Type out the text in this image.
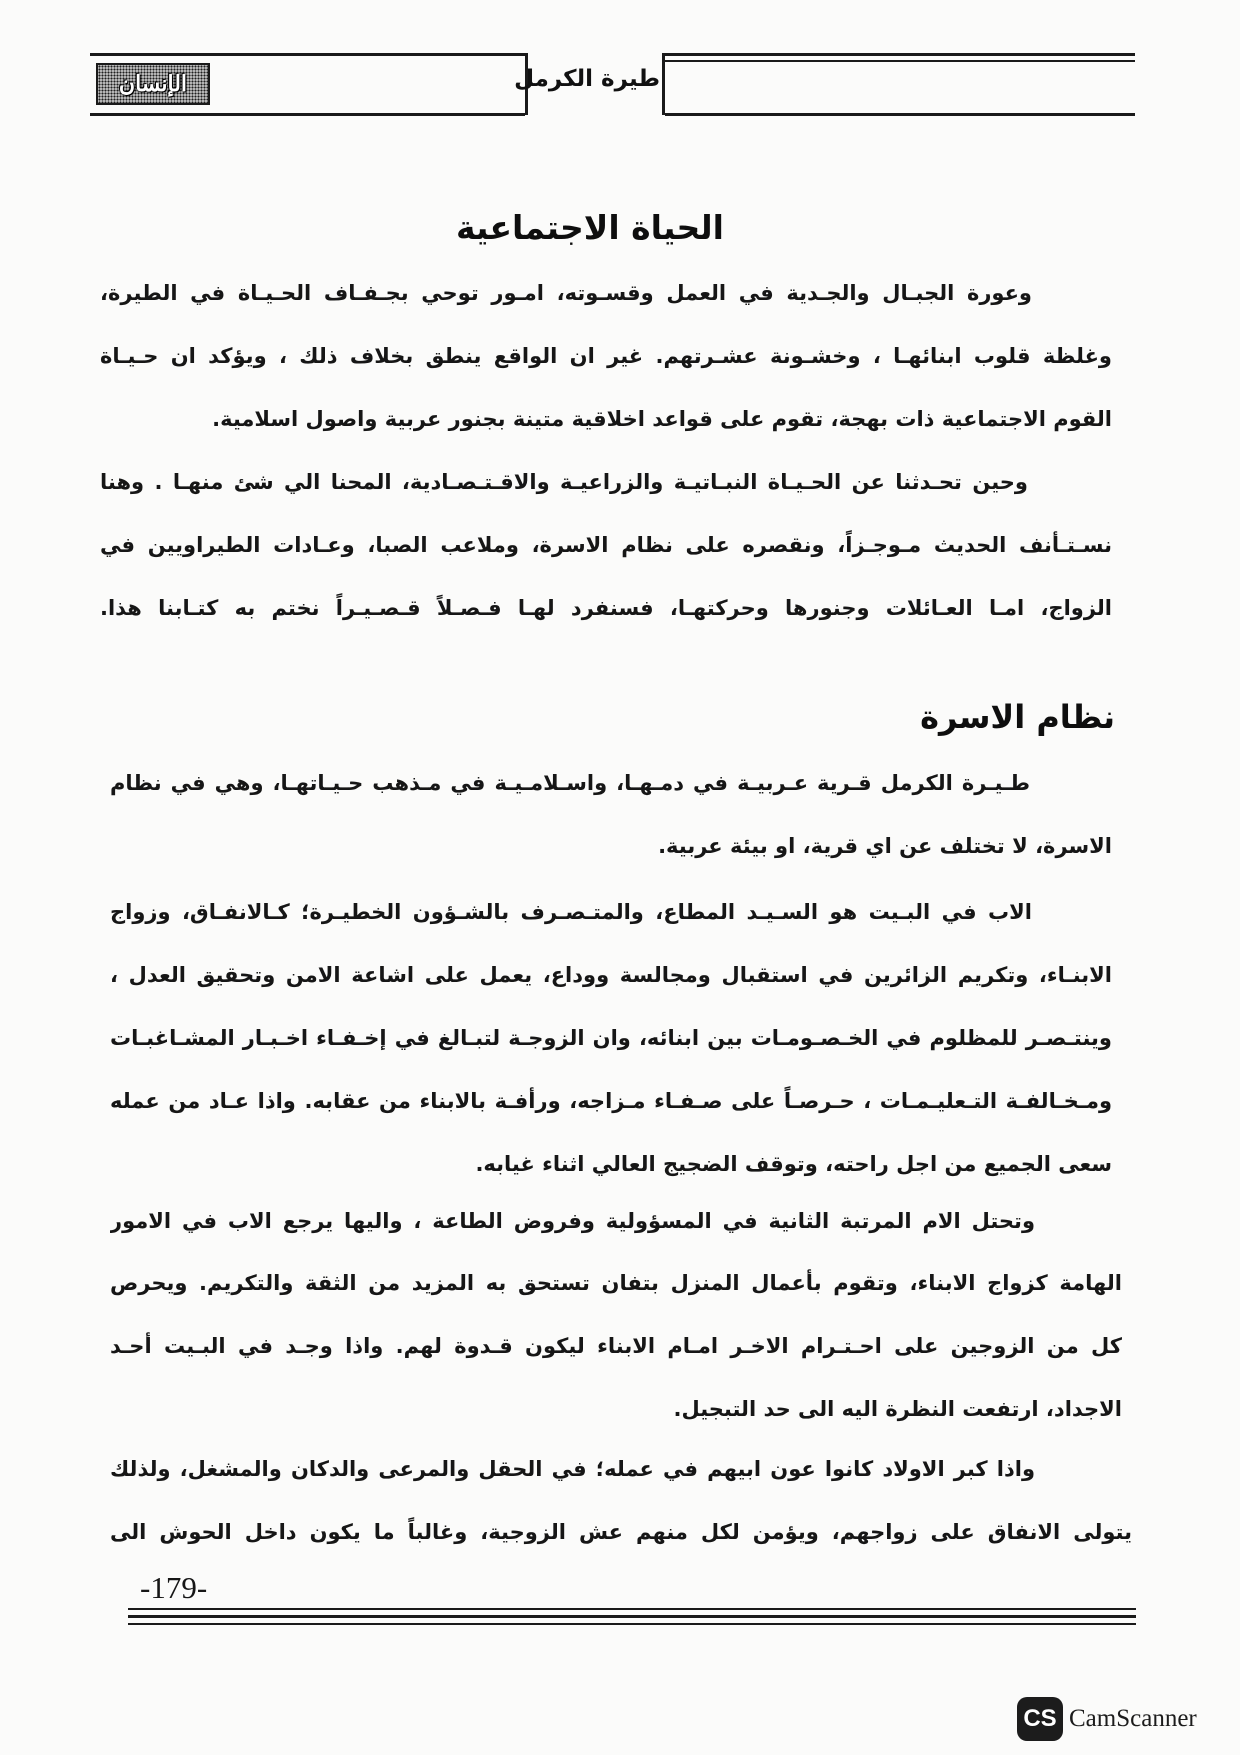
الإنسان	طيرة الكرمل
الحياة الاجتماعية
وعورة الجبـال والجـدية في العمل وقسـوته، امـور توحي بجـفـاف الحـيـاة في الطيرة،
وغلظة قلوب ابنائهـا ، وخشـونة عشـرتهم. غير ان الواقع ينطق بخلاف ذلك ، ويؤكد ان حـيـاة
القوم الاجتماعية ذات بهجة، تقوم على قواعد اخلاقية متينة بجنور عربية واصول اسلامية.
وحين تحـدثنا عن الحـيـاة النبـاتيـة والزراعيـة والاقـتـصـادية، المحنا الي شئ منهـا . وهنا
نسـتـأنف الحديث مـوجـزاً، ونقصره على نظام الاسرة، وملاعب الصبا، وعـادات الطيراويين في
الزواج، امـا العـائلات وجنورها وحركتهـا، فسنفرد لهـا فـصـلاً قـصـيـراً نختم به كتـابنا هذا.
نظام الاسرة
طـيـرة الكرمل قـرية عـربيـة في دمـهـا، واسـلامـيـة في مـذهب حـيـاتهـا، وهي في نظام
الاسرة، لا تختلف عن اي قرية، او بيئة عربية.
الاب في البـيت هو السـيـد المطاع، والمتـصـرف بالشـؤون الخطيـرة؛ كـالانفـاق، وزواج
الابنـاء، وتكريم الزائرين في استقبال ومجالسة ووداع، يعمل على اشاعة الامن وتحقيق العدل ،
وينتـصـر للمظلوم في الخـصـومـات بين ابنائه، وان الزوجـة لتبـالغ في إخـفـاء اخـبـار المشـاغبـات
ومـخـالفـة التـعليـمـات ، حـرصـاً على صـفـاء مـزاجه، ورأفـة بالابناء من عقابه. واذا عـاد من عمله
سعى الجميع من اجل راحته، وتوقف الضجيج العالي اثناء غيابه.
وتحتل الام المرتبة الثانية في المسؤولية وفروض الطاعة ، واليها يرجع الاب في الامور
الهامة كزواج الابناء، وتقوم بأعمال المنزل بتفان تستحق به المزيد من الثقة والتكريم. ويحرص
كل من الزوجين على احـتـرام الاخـر امـام الابناء ليكون قـدوة لهم. واذا وجـد في البـيت أحـد
الاجداد، ارتفعت النظرة اليه الى حد التبجيل.
واذا كبر الاولاد كانوا عون ابيهم في عمله؛ في الحقل والمرعى والدكان والمشغل، ولذلك
يتولى الانفاق على زواجهم، ويؤمن لكل منهم عش الزوجية، وغالباً ما يكون داخل الحوش الى
-179-
CS CamScanner
